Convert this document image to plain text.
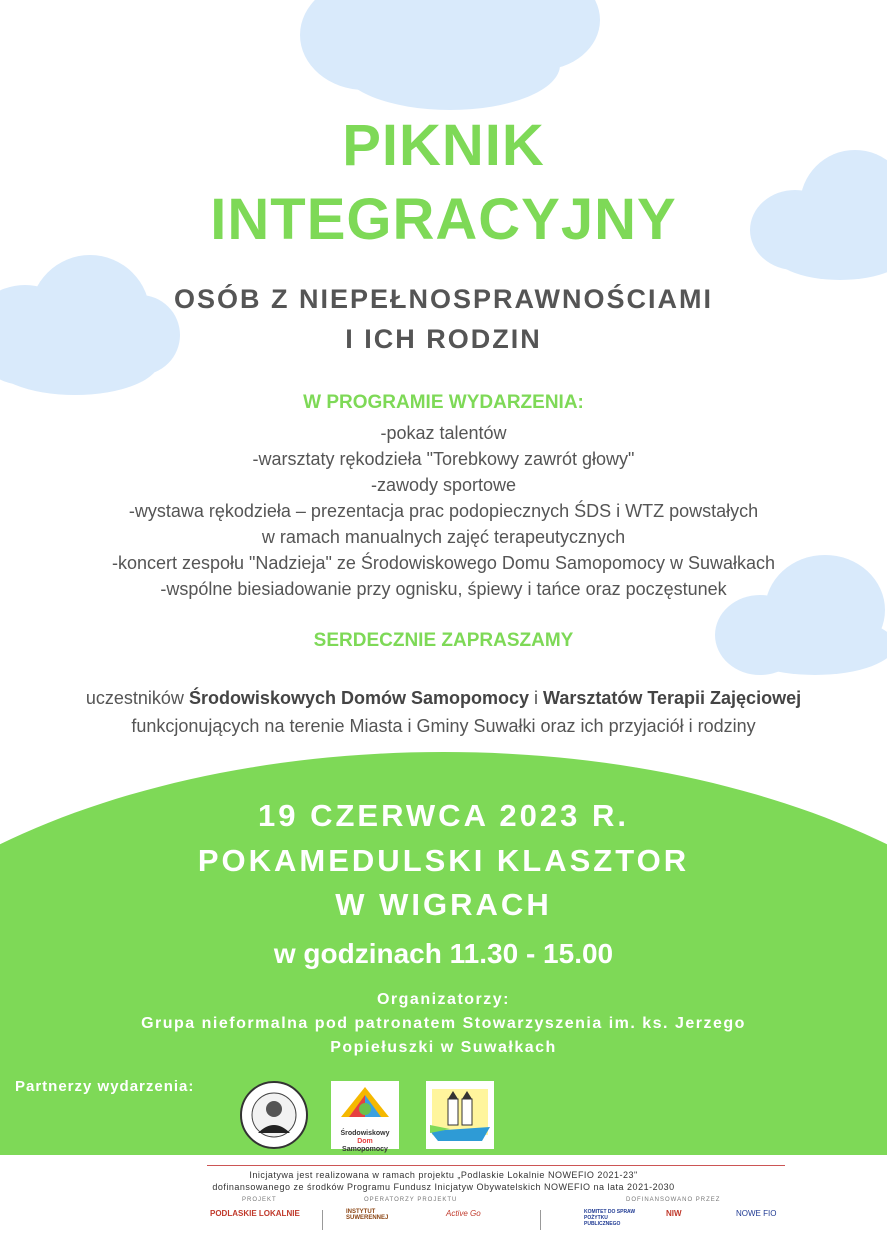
PIKNIK
INTEGRACYJNY
OSÓB Z NIEPEŁNOSPRAWNOŚCIAMI
I ICH RODZIN
W PROGRAMIE WYDARZENIA:
-pokaz talentów
-warsztaty rękodzieła "Torebkowy zawrót głowy"
-zawody sportowe
-wystawa rękodzieła – prezentacja prac podopiecznych ŚDS i WTZ powstałych
w ramach manualnych zajęć terapeutycznych
-koncert zespołu "Nadzieja" ze Środowiskowego Domu Samopomocy w Suwałkach
-wspólne biesiadowanie przy ognisku, śpiewy i tańce oraz poczęstunek
SERDECZNIE ZAPRASZAMY
uczestników Środowiskowych Domów Samopomocy i Warsztatów Terapii Zajęciowej
funkcjonujących na terenie Miasta i Gminy Suwałki oraz ich przyjaciół i rodziny
19 CZERWCA 2023 R.
POKAMEDULSKI KLASZTOR
W WIGRACH
w godzinach 11.30 - 15.00
Organizatorzy:
Grupa nieformalna pod patronatem Stowarzyszenia im. ks. Jerzego
Popiełuszki w Suwałkach
Partnerzy wydarzenia:
Środowiskowy
Dom
Samopomocy
Inicjatywa jest realizowana w ramach projektu „Podlaskie Lokalnie NOWEFIO 2021-23"
dofinansowanego ze środków Programu Fundusz Inicjatyw Obywatelskich NOWEFIO na lata 2021-2030
PROJEKT	OPERATORZY PROJEKTU	DOFINANSOWANO PRZEZ
PODLASKIE LOKALNIE	INSTYTUT SUWERENNEJ	Active Go	KOMITET DO SPRAW POŻYTKU PUBLICZNEGO
NIW	NOWE FIO
